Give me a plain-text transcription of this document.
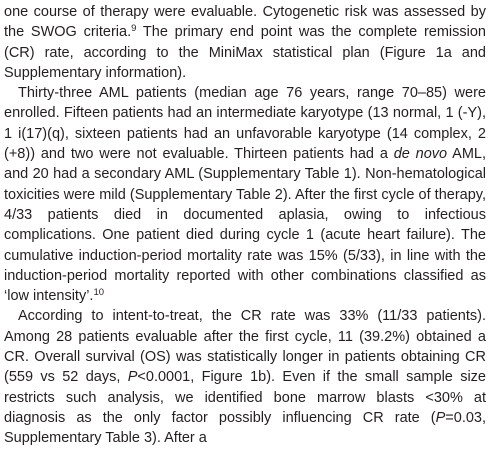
one course of therapy were evaluable. Cytogenetic risk was assessed by the SWOG criteria.$^9$ The primary end point was the complete remission (CR) rate, according to the MiniMax statistical plan (Figure 1a and Supplementary information).

Thirty-three AML patients (median age 76 years, range 70–85) were enrolled. Fifteen patients had an intermediate karyotype (13 normal, 1 (-Y), 1 i(17)(q), sixteen patients had an unfavorable karyotype (14 complex, 2 (+8)) and two were not evaluable. Thirteen patients had a de novo AML, and 20 had a secondary AML (Supplementary Table 1). Non-hematological toxicities were mild (Supplementary Table 2). After the first cycle of therapy, 4/33 patients died in documented aplasia, owing to infectious complications. One patient died during cycle 1 (acute heart failure). The cumulative induction-period mortality rate was 15% (5/33), in line with the induction-period mortality reported with other combinations classified as ‘low intensity’.$^{10}$

According to intent-to-treat, the CR rate was 33% (11/33 patients). Among 28 patients evaluable after the first cycle, 11 (39.2%) obtained a CR. Overall survival (OS) was statistically longer in patients obtaining CR (559 vs 52 days, P<0.0001, Figure 1b). Even if the small sample size restricts such analysis, we identified bone marrow blasts <30% at diagnosis as the only factor possibly influencing CR rate (P=0.03, Supplementary Table 3). After a
